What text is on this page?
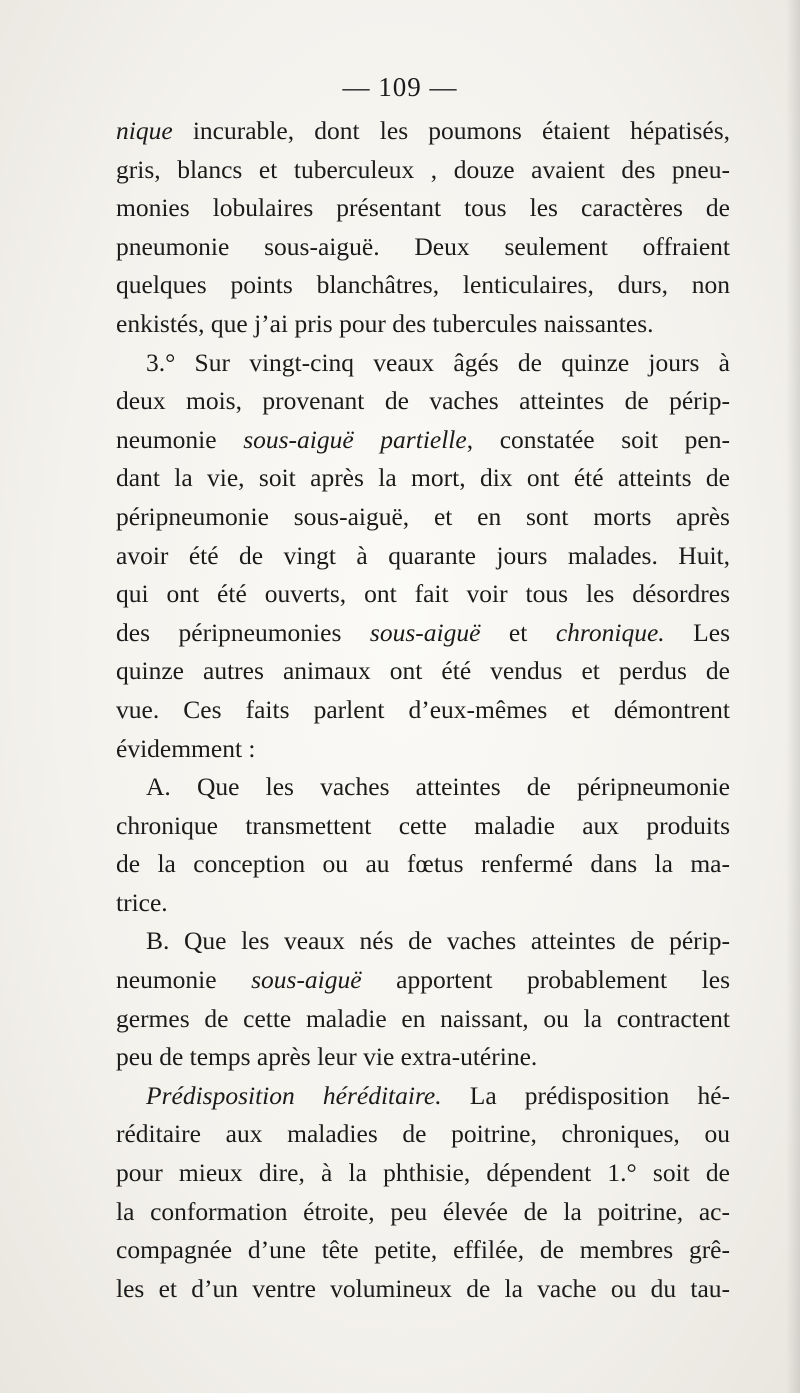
— 109 —
nique incurable, dont les poumons étaient hépatisés,
gris, blancs et tuberculeux , douze avaient des pneu-
monies lobulaires présentant tous les caractères de
pneumonie sous-aiguë. Deux seulement offraient
quelques points blanchâtres, lenticulaires, durs, non
enkistés, que j’ai pris pour des tubercules naissantes.
3.° Sur vingt-cinq veaux âgés de quinze jours à
deux mois, provenant de vaches atteintes de périp-
neumonie sous-aiguë partielle, constatée soit pen-
dant la vie, soit après la mort, dix ont été atteints de
péripneumonie sous-aiguë, et en sont morts après
avoir été de vingt à quarante jours malades. Huit,
qui ont été ouverts, ont fait voir tous les désordres
des péripneumonies sous-aiguë et chronique. Les
quinze autres animaux ont été vendus et perdus de
vue. Ces faits parlent d’eux-mêmes et démontrent
évidemment :
A. Que les vaches atteintes de péripneumonie
chronique transmettent cette maladie aux produits
de la conception ou au fœtus renfermé dans la ma-
trice.
B. Que les veaux nés de vaches atteintes de périp-
neumonie sous-aiguë apportent probablement les
germes de cette maladie en naissant, ou la contractent
peu de temps après leur vie extra-utérine.
Prédisposition héréditaire. La prédisposition hé-
réditaire aux maladies de poitrine, chroniques, ou
pour mieux dire, à la phthisie, dépendent 1.° soit de
la conformation étroite, peu élevée de la poitrine, ac-
compagnée d’une tête petite, effilée, de membres grê-
les et d’un ventre volumineux de la vache ou du tau-
